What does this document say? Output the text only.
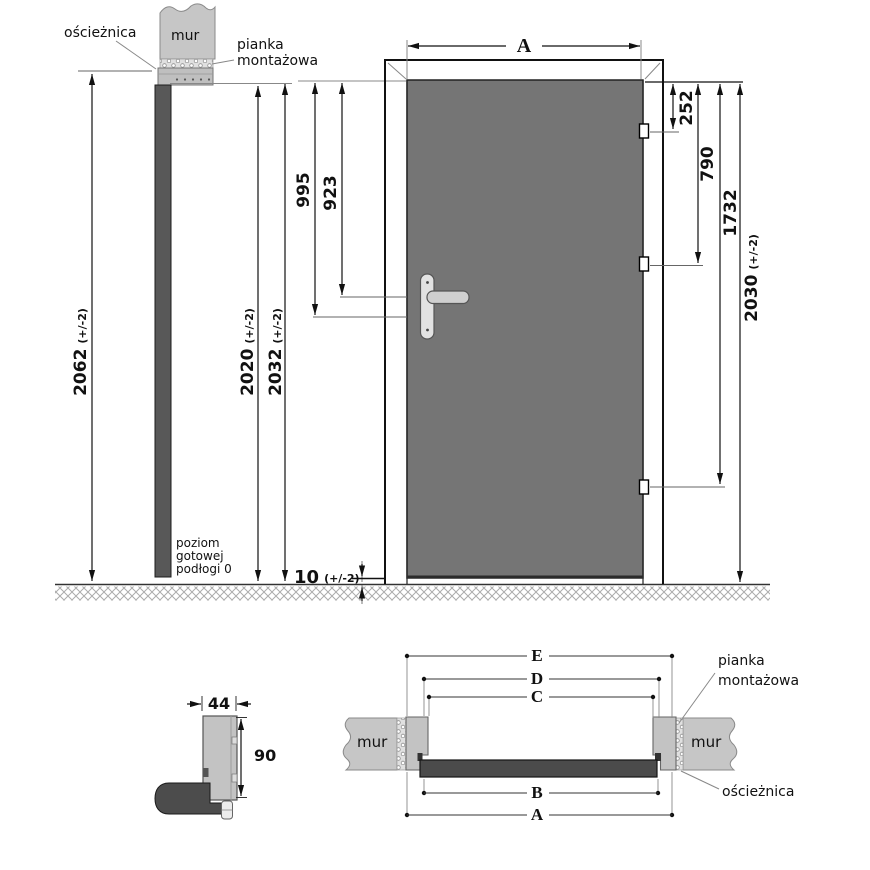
ościeżnica mur
pianka
montażowa
poziom
gotowej
podłogi 0
2062(+/-2)
2020(+/-2)
2032(+/-2)
A
995 923
252
790
1732
2030(+/-2)
10 (+/-2)
44
90
mur	mur
pianka
montażowa
ościeżnica
E
D
C
B
A
